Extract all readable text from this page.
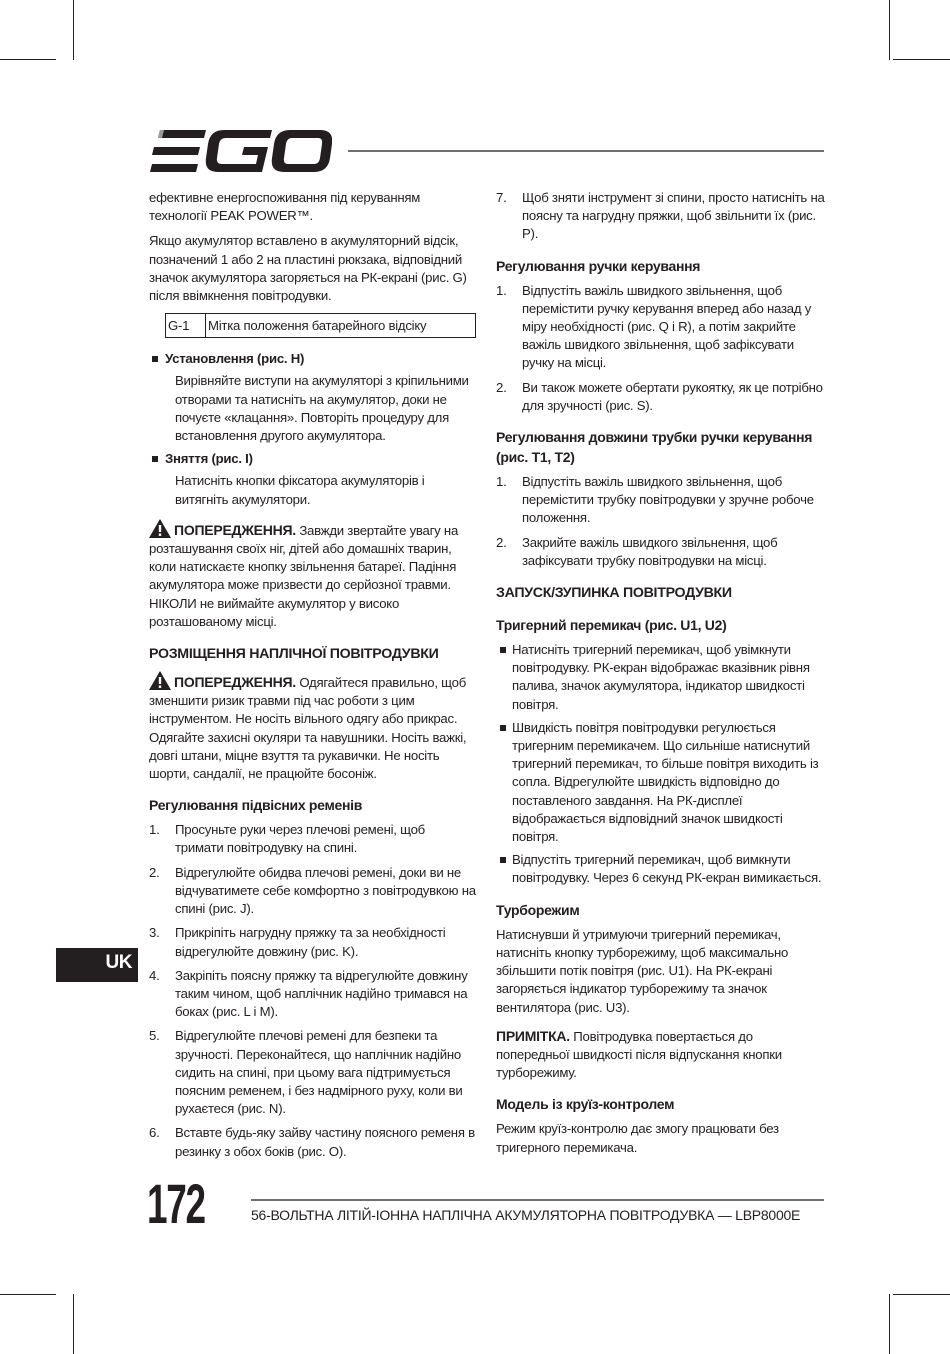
ефективне енергоспоживання під керуванням технології PEAK POWER™.

Якщо акумулятор вставлено в акумуляторний відсік, позначений 1 або 2 на пластині рюкзака, відповідний значок акумулятора загоряється на РК-екрані (рис. G) після ввімкнення повітродувки.

G-1	Мітка положення батарейного відсіку
Установлення (рис. H)

Вирівняйте виступи на акумуляторі з кріпильними отворами та натисніть на акумулятор, доки не почуєте «клацання». Повторіть процедуру для встановлення другого акумулятора.

Зняття (рис. I)

Натисніть кнопки фіксатора акумуляторів і витягніть акумулятори.

ПОПЕРЕДЖЕННЯ. Завжди звертайте увагу на розташування своїх ніг, дітей або домашніх тварин, коли натискаєте кнопку звільнення батареї. Падіння акумулятора може призвести до серйозної травми. НІКОЛИ не виймайте акумулятор у високо розташованому місці.

РОЗМІЩЕННЯ НАПЛІЧНОЇ ПОВІТРОДУВКИ

ПОПЕРЕДЖЕННЯ. Одягайтеся правильно, щоб зменшити ризик травми під час роботи з цим інструментом. Не носіть вільного одягу або прикрас. Одягайте захисні окуляри та навушники. Носіть важкі, довгі штани, міцне взуття та рукавички. Не носіть шорти, сандалії, не працюйте босоніж.

Регулювання підвісних ременів
1. Просуньте руки через плечові ремені, щоб тримати повітродувку на спині.
2. Відрегулюйте обидва плечові ремені, доки ви не відчуватимете себе комфортно з повітродувкою на спині (рис. J).
3. Прикріпіть нагрудну пряжку та за необхідності відрегулюйте довжину (рис. K).
4. Закріпіть поясну пряжку та відрегулюйте довжину таким чином, щоб наплічник надійно тримався на боках (рис. L і M).
5. Відрегулюйте плечові ремені для безпеки та зручності. Переконайтеся, що наплічник надійно сидить на спині, при цьому вага підтримується поясним ременем, і без надмірного руху, коли ви рухаєтеся (рис. N).
6. Вставте будь-яку зайву частину поясного ременя в резинку з обох боків (рис. O).
7. Щоб зняти інструмент зі спини, просто натисніть на поясну та нагрудну пряжки, щоб звільнити їх (рис. P).
Регулювання ручки керування
1. Відпустіть важіль швидкого звільнення, щоб перемістити ручку керування вперед або назад у міру необхідності (рис. Q і R), а потім закрийте важіль швидкого звільнення, щоб зафіксувати ручку на місці.
2. Ви також можете обертати рукоятку, як це потрібно для зручності (рис. S).
Регулювання довжини трубки ручки керування (рис. T1, T2)
1. Відпустіть важіль швидкого звільнення, щоб перемістити трубку повітродувки у зручне робоче положення.
2. Закрийте важіль швидкого звільнення, щоб зафіксувати трубку повітродувки на місці.
ЗАПУСК/ЗУПИНКА ПОВІТРОДУВКИ
Тригерний перемикач (рис. U1, U2)
Натисніть тригерний перемикач, щоб увімкнути повітродувку. РК-екран відображає вказівник рівня палива, значок акумулятора, індикатор швидкості повітря.
Швидкість повітря повітродувки регулюється тригерним перемикачем. Що сильніше натиснутий тригерний перемикач, то більше повітря виходить із сопла. Відрегулюйте швидкість відповідно до поставленого завдання. На РК-дисплеї відображається відповідний значок швидкості повітря.
Відпустіть тригерний перемикач, щоб вимкнути повітродувку. Через 6 секунд РК-екран вимикається.
Турборежим

Натиснувши й утримуючи тригерний перемикач, натисніть кнопку турборежиму, щоб максимально збільшити потік повітря (рис. U1). На РК-екрані загоряється індикатор турборежиму та значок вентилятора (рис. U3).

ПРИМІТКА. Повітродувка повертається до попередньої швидкості після відпускання кнопки турборежиму.

Модель із круїз-контролем

Режим круїз-контролю дає змогу працювати без тригерного перемикача.

UK
172	56-ВОЛЬТНА ЛІТІЙ-ІОННА НАПЛІЧНА АКУМУЛЯТОРНА ПОВІТРОДУВКА — LBP8000E
